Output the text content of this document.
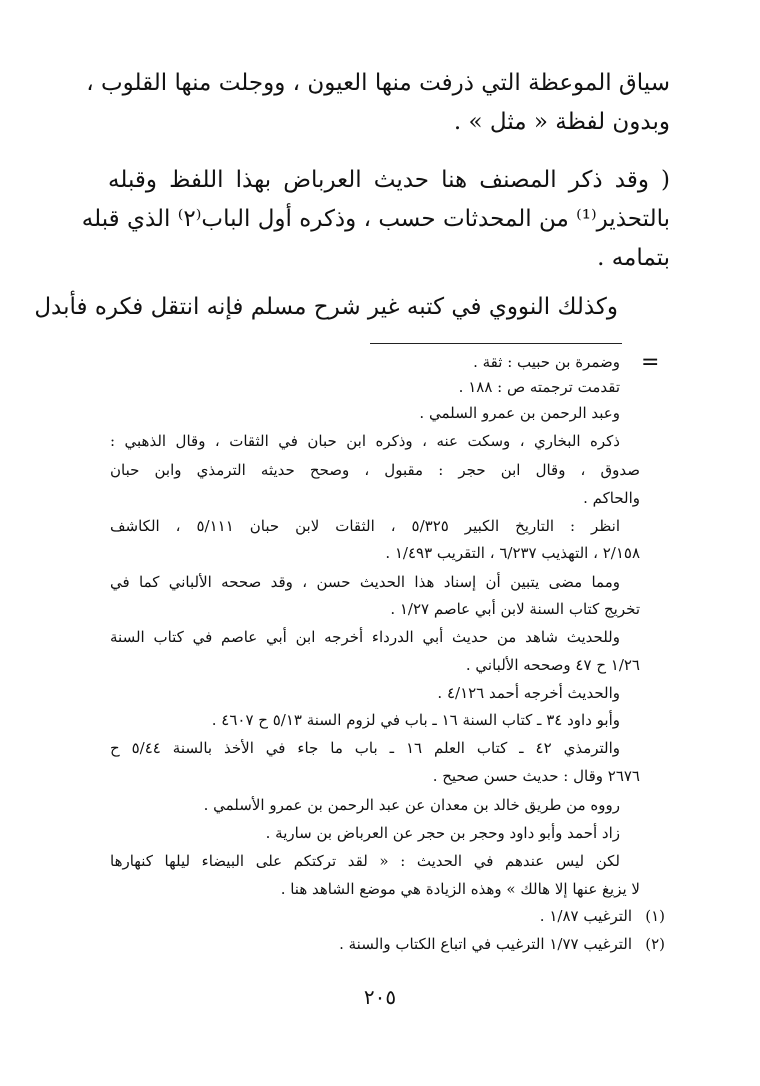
سياق الموعظة التي ذرفت منها العيون ، ووجلت منها القلوب ،
وبدون لفظة « مثل » .
( وقد ذكر المصنف هنا حديث العرباض بهذا اللفظ وقبله
بالتحذير⁽¹⁾ من المحدثات حسب ، وذكره أول الباب⁽٢⁾ الذي قبله
بتمامه .
وكذلك النووي في كتبه غير شرح مسلم فإنه انتقل فكره فأبدل
=
وضمرة بن حبيب : ثقة .
تقدمت ترجمته ص : ١٨٨ .
وعبد الرحمن بن عمرو السلمي .
ذكره البخاري ، وسكت عنه ، وذكره ابن حبان في الثقات ، وقال الذهبي :
صدوق ، وقال ابن حجر : مقبول ، وصحح حديثه الترمذي وابن حبان
والحاكم .
انظر : التاريخ الكبير ٥/٣٢٥ ، الثقات لابن حبان ٥/١١١ ، الكاشف
٢/١٥٨ ، التهذيب ٦/٢٣٧ ، التقريب ١/٤٩٣ .
ومما مضى يتبين أن إسناد هذا الحديث حسن ، وقد صححه الألباني كما في
تخريج كتاب السنة لابن أبي عاصم ١/٢٧ .
وللحديث شاهد من حديث أبي الدرداء أخرجه ابن أبي عاصم في كتاب السنة
١/٢٦ ح ٤٧ وصححه الألباني .
والحديث أخرجه أحمد ٤/١٢٦ .
وأبو داود ٣٤ ـ كتاب السنة ١٦ ـ باب في لزوم السنة ٥/١٣ ح ٤٦٠٧ .
والترمذي ٤٢ ـ كتاب العلم ١٦ ـ باب ما جاء في الأخذ بالسنة ٥/٤٤ ح
٢٦٧٦ وقال : حديث حسن صحيح .
رووه من طريق خالد بن معدان عن عبد الرحمن بن عمرو الأسلمي .
زاد أحمد وأبو داود وحجر بن حجر عن العرباض بن سارية .
لكن ليس عندهم في الحديث : « لقد تركتكم على البيضاء ليلها كنهارها
لا يزيغ عنها إلا هالك » وهذه الزيادة هي موضع الشاهد هنا .
(١)
الترغيب ١/٨٧ .
(٢)
الترغيب ١/٧٧ الترغيب في اتباع الكتاب والسنة .
٢٠٥
